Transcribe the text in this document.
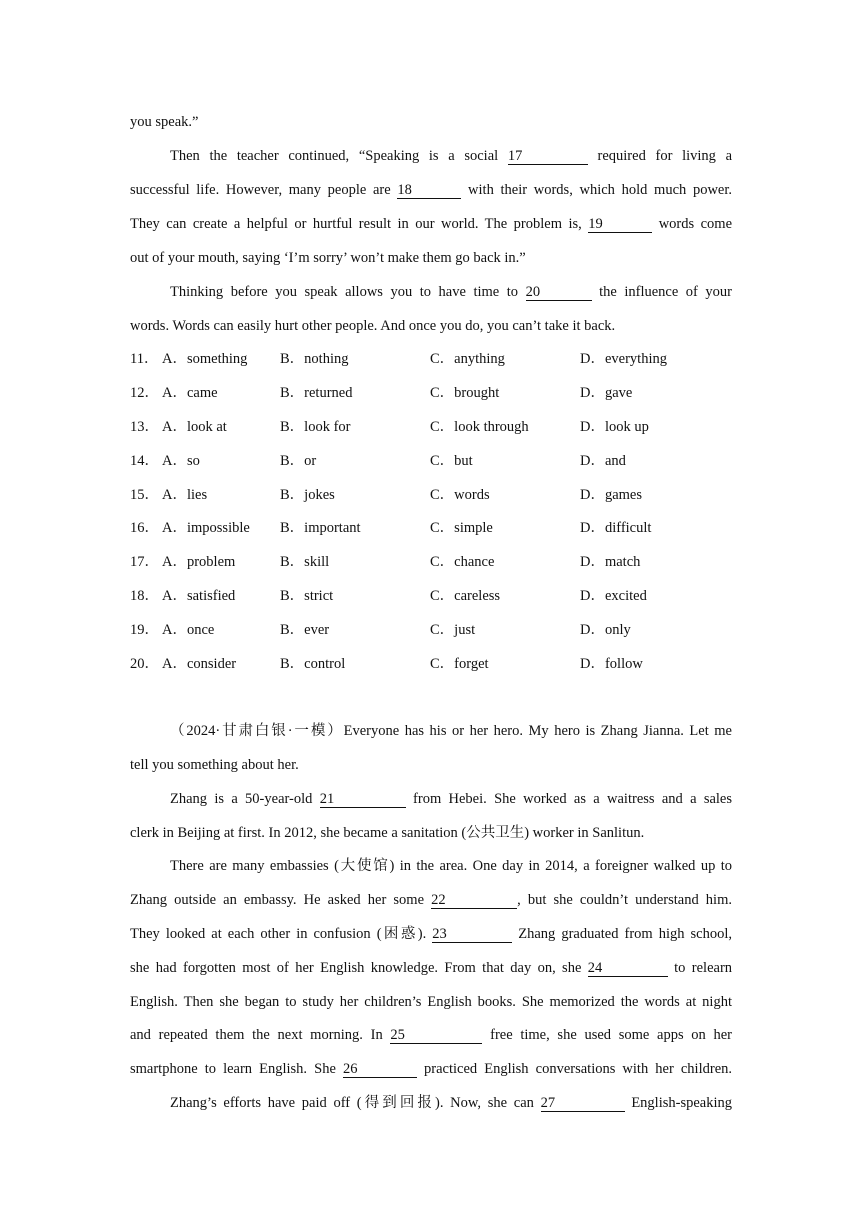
you speak.”
Then the teacher continued, “Speaking is a social 17	required for living a
successful life. However, many people are 18	with their words, which hold much power.
They can create a helpful or hurtful result in our world. The problem is, 19	words come
out of your mouth, saying ‘I’m sorry’ won’t make them go back in.”
Thinking before you speak allows you to have time to 20	the influence of your
words. Words can easily hurt other people. And once you do, you can’t take it back.
11． A．something B．nothing	C．anything	D．everything
12． A．came	B．returned	C．brought	D．gave
13． A．look at	B．look for	C．look through	D．look up
14． A．so	B．or	C．but	D．and
15． A．lies	B．jokes	C．words	D．games
16． A．impossible B．important	C．simple	D．difficult
17． A．problem	B．skill	C．chance	D．match
18． A．satisfied	B．strict	C．careless	D．excited
19． A．once	B．ever	C．just	D．only
20． A．consider	B．control	C．forget	D．follow
（2024·甘肃白银·一模）Everyone has his or her hero. My hero is Zhang Jianna. Let me
tell you something about her.
Zhang is a 50-year-old 21	from Hebei. She worked as a waitress and a sales
clerk in Beijing at first. In 2012, she became a sanitation (公共卫生) worker in Sanlitun.
There are many embassies (大使馆) in the area. One day in 2014, a foreigner walked up to
Zhang outside an embassy. He asked her some 22	, but she couldn’t understand him.
They looked at each other in confusion (困惑). 23	Zhang graduated from high school,
she had forgotten most of her English knowledge. From that day on, she 24	to relearn
English. Then she began to study her children’s English books. She memorized the words at night
and repeated them the next morning. In 25	free time, she used some apps on her
smartphone to learn English. She 26	practiced English conversations with her children.
Zhang’s efforts have paid off (得到回报). Now, she can 27	English-speaking
